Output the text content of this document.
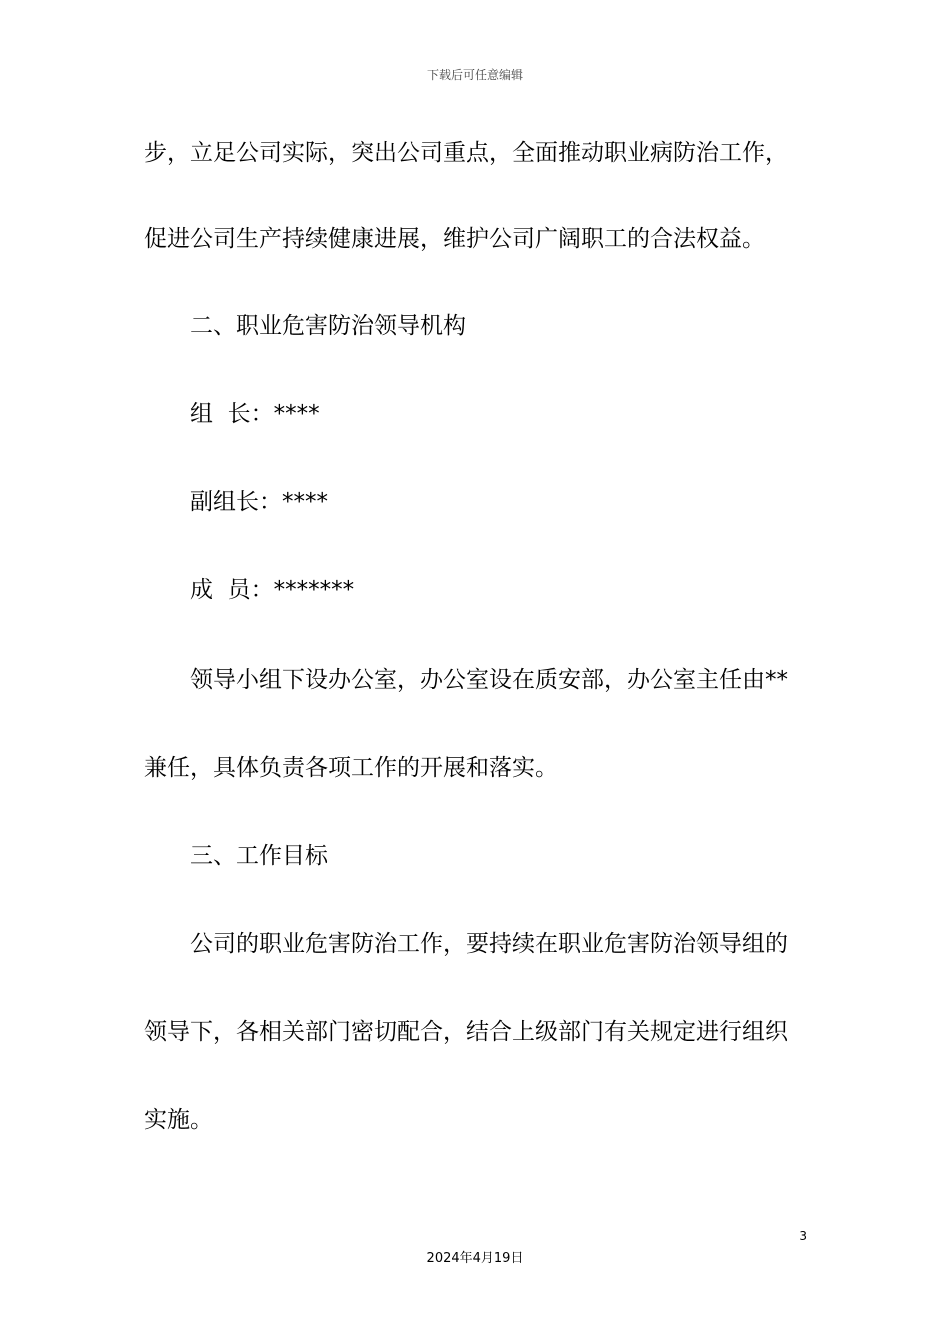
下载后可任意编辑
步，立足公司实际，突出公司重点，全面推动职业病防治工作，
促进公司生产持续健康进展，维护公司广阔职工的合法权益。
二、职业危害防治领导机构
组  长：****
副组长：****
成  员：*******
领导小组下设办公室，办公室设在质安部，办公室主任由**
兼任，具体负责各项工作的开展和落实。
三、工作目标
公司的职业危害防治工作，要持续在职业危害防治领导组的
领导下，各相关部门密切配合，结合上级部门有关规定进行组织
实施。
3
2024年4月19日
